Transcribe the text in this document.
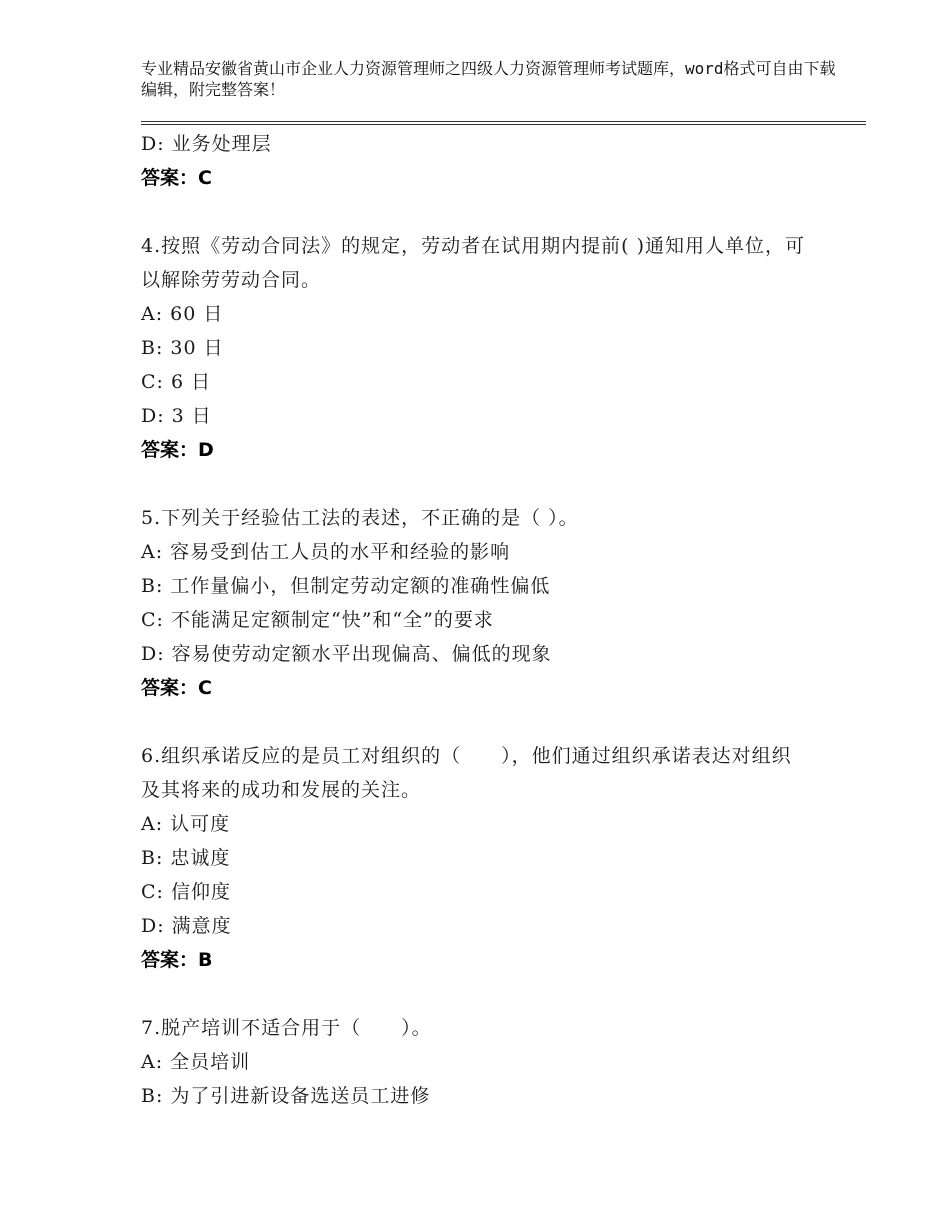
专业精品安徽省黄山市企业人力资源管理师之四级人力资源管理师考试题库，word格式可自由下载编辑，附完整答案！
D: 业务处理层
答案：C
4.按照《劳动合同法》的规定，劳动者在试用期内提前( )通知用人单位，可以解除劳劳动合同。
A: 60 日
B: 30 日
C: 6 日
D: 3 日
答案：D
5.下列关于经验估工法的表述，不正确的是（ ）。
A: 容易受到估工人员的水平和经验的影响
B: 工作量偏小，但制定劳动定额的准确性偏低
C: 不能满足定额制定“快”和“全”的要求
D: 容易使劳动定额水平出现偏高、偏低的现象
答案：C
6.组织承诺反应的是员工对组织的（　　），他们通过组织承诺表达对组织及其将来的成功和发展的关注。
A: 认可度
B: 忠诚度
C: 信仰度
D: 满意度
答案：B
7.脱产培训不适合用于（　　）。
A: 全员培训
B: 为了引进新设备选送员工进修
